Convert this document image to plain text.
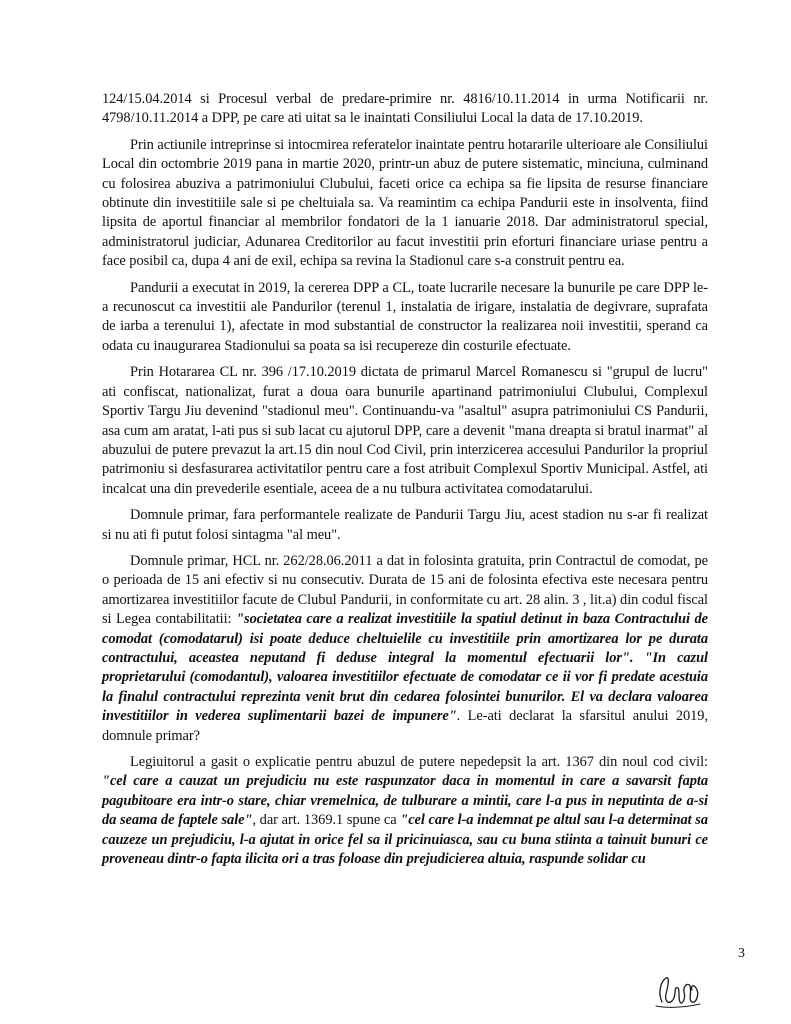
124/15.04.2014 si Procesul verbal de predare-primire nr. 4816/10.11.2014 in urma Notificarii nr. 4798/10.11.2014 a DPP, pe care ati uitat sa le inaintati Consiliului Local la data de 17.10.2019.

Prin actiunile intreprinse si intocmirea referatelor inaintate pentru hotararile ulterioare ale Consiliului Local din octombrie 2019 pana in martie 2020, printr-un abuz de putere sistematic, minciuna, culminand cu folosirea abuziva a patrimoniului Clubului, faceti orice ca echipa sa fie lipsita de resurse financiare obtinute din investitiile sale si pe cheltuiala sa. Va reamintim ca echipa Pandurii este in insolventa, fiind lipsita de aportul financiar al membrilor fondatori de la 1 ianuarie 2018. Dar administratorul special, administratorul judiciar, Adunarea Creditorilor au facut investitii prin eforturi financiare uriase pentru a face posibil ca, dupa 4 ani de exil, echipa sa revina la Stadionul care s-a construit pentru ea.

Pandurii a executat in 2019, la cererea DPP a CL, toate lucrarile necesare la bunurile pe care DPP le-a recunoscut ca investitii ale Pandurilor (terenul 1, instalatia de irigare, instalatia de degivrare, suprafata de iarba a terenului 1), afectate in mod substantial de constructor la realizarea noii investitii, sperand ca odata cu inaugurarea Stadionului sa poata sa isi recupereze din costurile efectuate.

Prin Hotararea CL nr. 396 /17.10.2019 dictata de primarul Marcel Romanescu si "grupul de lucru" ati confiscat, nationalizat, furat a doua oara bunurile apartinand patrimoniului Clubului, Complexul Sportiv Targu Jiu devenind "stadionul meu". Continuandu-va "asaltul" asupra patrimoniului CS Pandurii, asa cum am aratat, l-ati pus si sub lacat cu ajutorul DPP, care a devenit "mana dreapta si bratul inarmat" al abuzului de putere prevazut la art.15 din noul Cod Civil, prin interzicerea accesului Pandurilor la propriul patrimoniu si desfasurarea activitatilor pentru care a fost atribuit Complexul Sportiv Municipal. Astfel, ati incalcat una din prevederile esentiale, aceea de a nu tulbura activitatea comodatarului.

Domnule primar, fara performantele realizate de Pandurii Targu Jiu, acest stadion nu s-ar fi realizat si nu ati fi putut folosi sintagma "al meu".

Domnule primar, HCL nr. 262/28.06.2011 a dat in folosinta gratuita, prin Contractul de comodat, pe o perioada de 15 ani efectiv si nu consecutiv. Durata de 15 ani de folosinta efectiva este necesara pentru amortizarea investitiilor facute de Clubul Pandurii, in conformitate cu art. 28 alin. 3 , lit.a) din codul fiscal si Legea contabilitatii: "societatea care a realizat investitiile la spatiul detinut in baza Contractului de comodat (comodatarul) isi poate deduce cheltuielile cu investitiile prin amortizarea lor pe durata contractului, aceastea neputand fi deduse integral la momentul efectuarii lor". "In cazul proprietarului (comodantul), valoarea investitiilor efectuate de comodatar ce ii vor fi predate acestuia la finalul contractului reprezinta venit brut din cedarea folosintei bunurilor. El va declara valoarea investitiilor in vederea suplimentarii bazei de impunere". Le-ati declarat la sfarsitul anului 2019, domnule primar?

Legiuitorul a gasit o explicatie pentru abuzul de putere nepedepsit la art. 1367 din noul cod civil: "cel care a cauzat un prejudiciu nu este raspunzator daca in momentul in care a savarsit fapta pagubitoare era intr-o stare, chiar vremelnica, de tulburare a mintii, care l-a pus in neputinta de a-si da seama de faptele sale", dar art. 1369.1 spune ca "cel care l-a indemnat pe altul sau l-a determinat sa cauzeze un prejudiciu, l-a ajutat in orice fel sa il pricinuiasca, sau cu buna stiinta a tainuit bunuri ce proveneau dintr-o fapta ilicita ori a tras foloase din prejudicierea altuia, raspunde solidar cu

3
